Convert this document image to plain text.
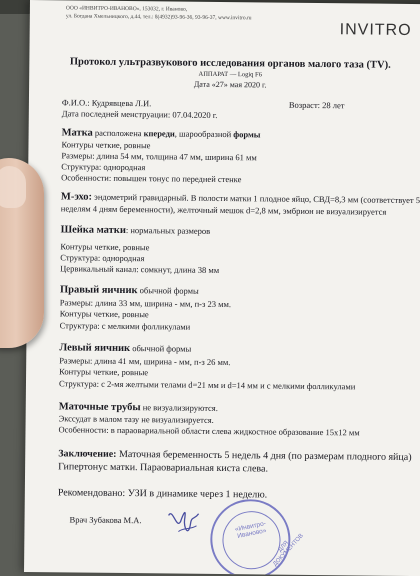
ООО «ИНВИТРО-ИВАНОВО», 153032, г. Иваново,
ул. Богдана Хмельницкого, д.44, тел.: 8(4932)93-96-36, 93-96-37, www.invitro.ru
INVITRO
Протокол ультразвукового исследования органов малого таза (ТV).
АППАРАТ — Logiq F6
Дата «27» мая 2020 г.
Ф.И.О.: Кудрявцева Л.И.	Возраст: 28 лет
Дата последней менструации: 07.04.2020 г.
Матка расположена кпереди, шарообразной формы
Контуры четкие, ровные
Размеры: длина 54 мм, толщина 47 мм, ширина 61 мм
Структура: однородная
Особенности: повышен тонус по передней стенке
М-эхо: эндометрий гравидарный. В полости матки 1 плодное яйцо, СВД=8,3 мм (соответствует 5
неделям 4 дням беременности), желточный мешок d=2,8 мм, эмбрион не визуализируется
Шейка матки: нормальных размеров
Контуры четкие, ровные
Структура: однородная
Цервикальный канал: сомкнут, длина 38 мм
Правый яичник обычной формы
Размеры: длина 33 мм, ширина - мм, п-з 23 мм.
Контуры четкие, ровные
Структура: с мелкими фолликулами
Левый яичник обычной формы
Размеры: длина 41 мм, ширина - мм, п-з 26 мм.
Контуры четкие, ровные
Структура: с 2-мя желтыми телами d=21 мм и d=14 мм и с мелкими фолликулами
Маточные трубы не визуализируются.
Экссудат в малом тазу не визуализируется.
Особенности: в параовариальной области слева жидкостное образование 15х12 мм
Заключение: Маточная беременность 5 недель 4 дня (по размерам плодного яйца)
Гипертонус матки. Параовариальная киста слева.
Рекомендовано: УЗИ в динамике через 1 неделю.
Врач Зубакова М.А.
«Инвитро-Иваново»
ДЛЯ ДОКУМЕНТОВ
